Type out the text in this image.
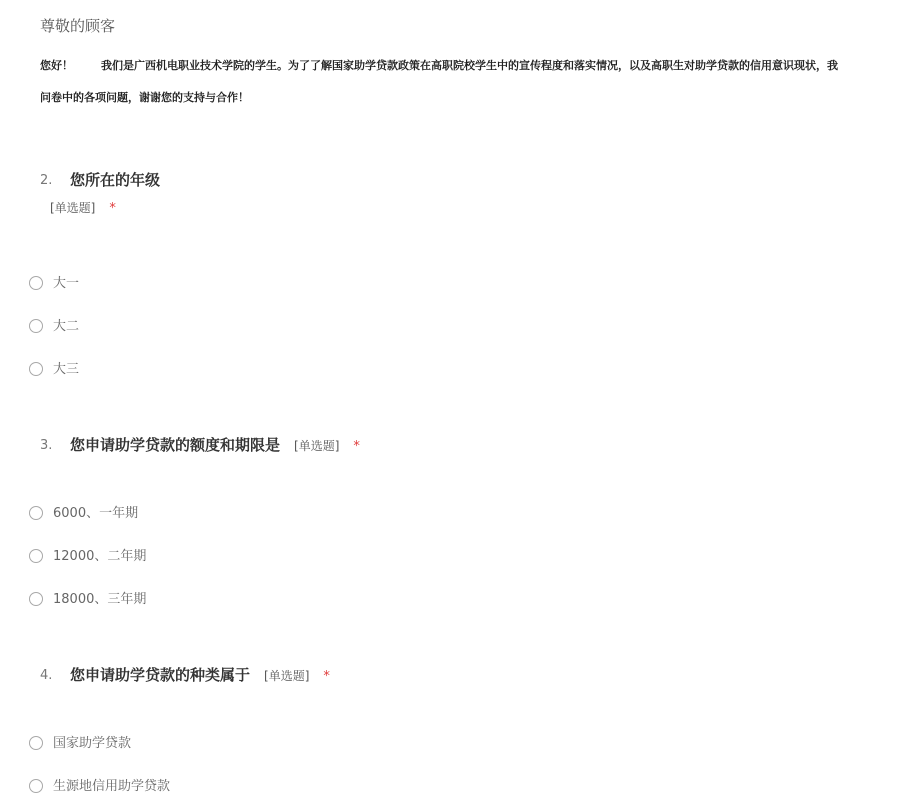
尊敬的顾客
您好！	我们是广西机电职业技术学院的学生。为了了解国家助学贷款政策在高职院校学生中的宣传程度和落实情况，以及高职生对助学贷款的信用意识现状，我
问卷中的各项问题，谢谢您的支持与合作！
2. 您所在的年级
[单选题] *
大一
大二
大三
3. 您申请助学贷款的额度和期限是 [单选题] *
6000、一年期
12000、二年期
18000、三年期
4. 您申请助学贷款的种类属于 [单选题] *
国家助学贷款
生源地信用助学贷款
